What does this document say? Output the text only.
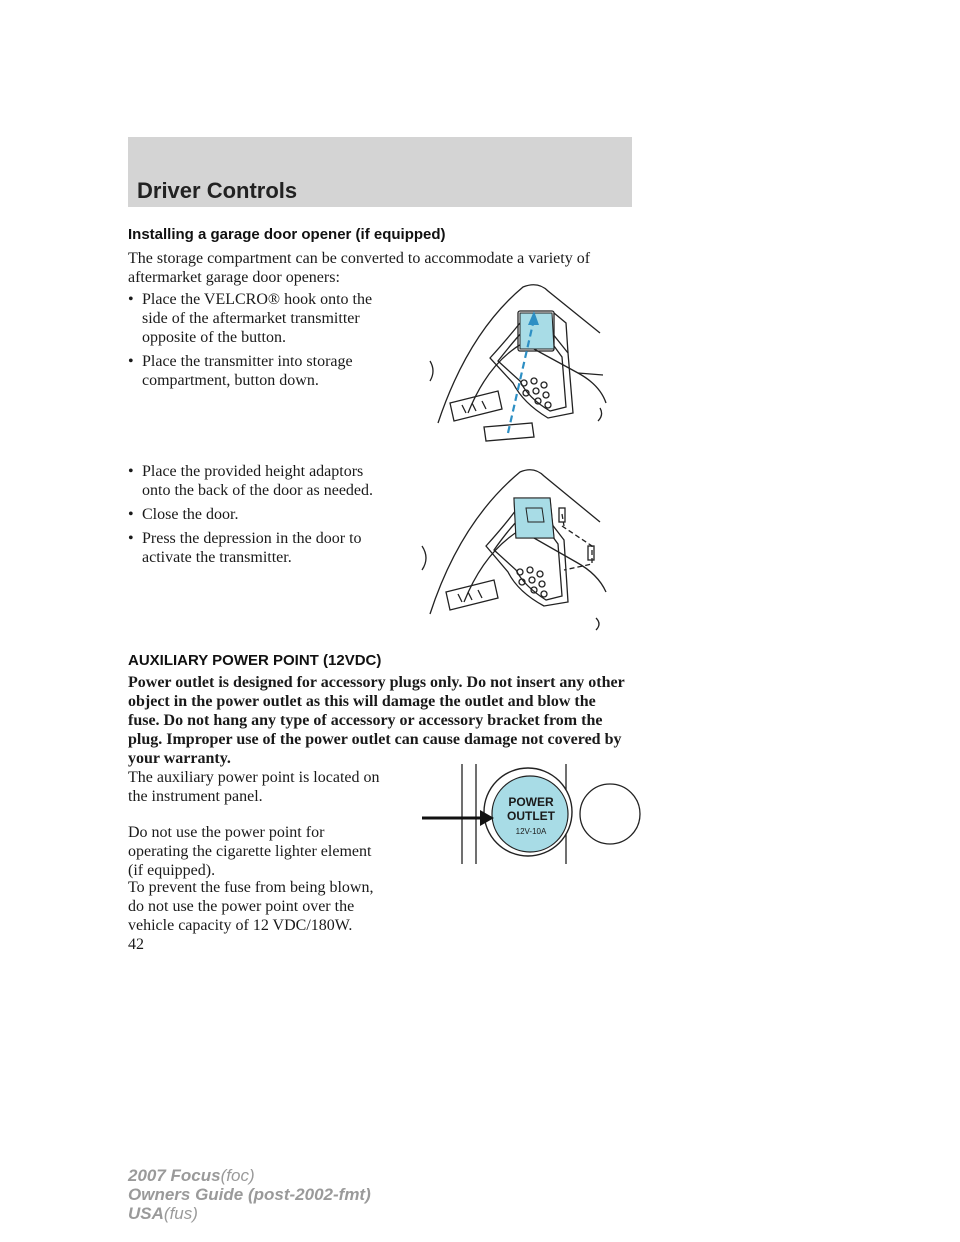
Driver Controls
Installing a garage door opener (if equipped)
The storage compartment can be converted to accommodate a variety of aftermarket garage door openers:
• Place the VELCRO® hook onto the side of the aftermarket transmitter opposite of the button.
• Place the transmitter into storage compartment, button down.
• Place the provided height adaptors onto the back of the door as needed.
• Close the door.
• Press the depression in the door to activate the transmitter.
AUXILIARY POWER POINT (12VDC)
Power outlet is designed for accessory plugs only. Do not insert any other object in the power outlet as this will damage the outlet and blow the fuse. Do not hang any type of accessory or accessory bracket from the plug. Improper use of the power outlet can cause damage not covered by your warranty.
The auxiliary power point is located on the instrument panel.
Do not use the power point for operating the cigarette lighter element (if equipped).
To prevent the fuse from being blown, do not use the power point over the vehicle capacity of 12 VDC/180W.
POWER
OUTLET
12V-10A
42
2007 Focus(foc)
Owners Guide (post-2002-fmt)
USA(fus)
